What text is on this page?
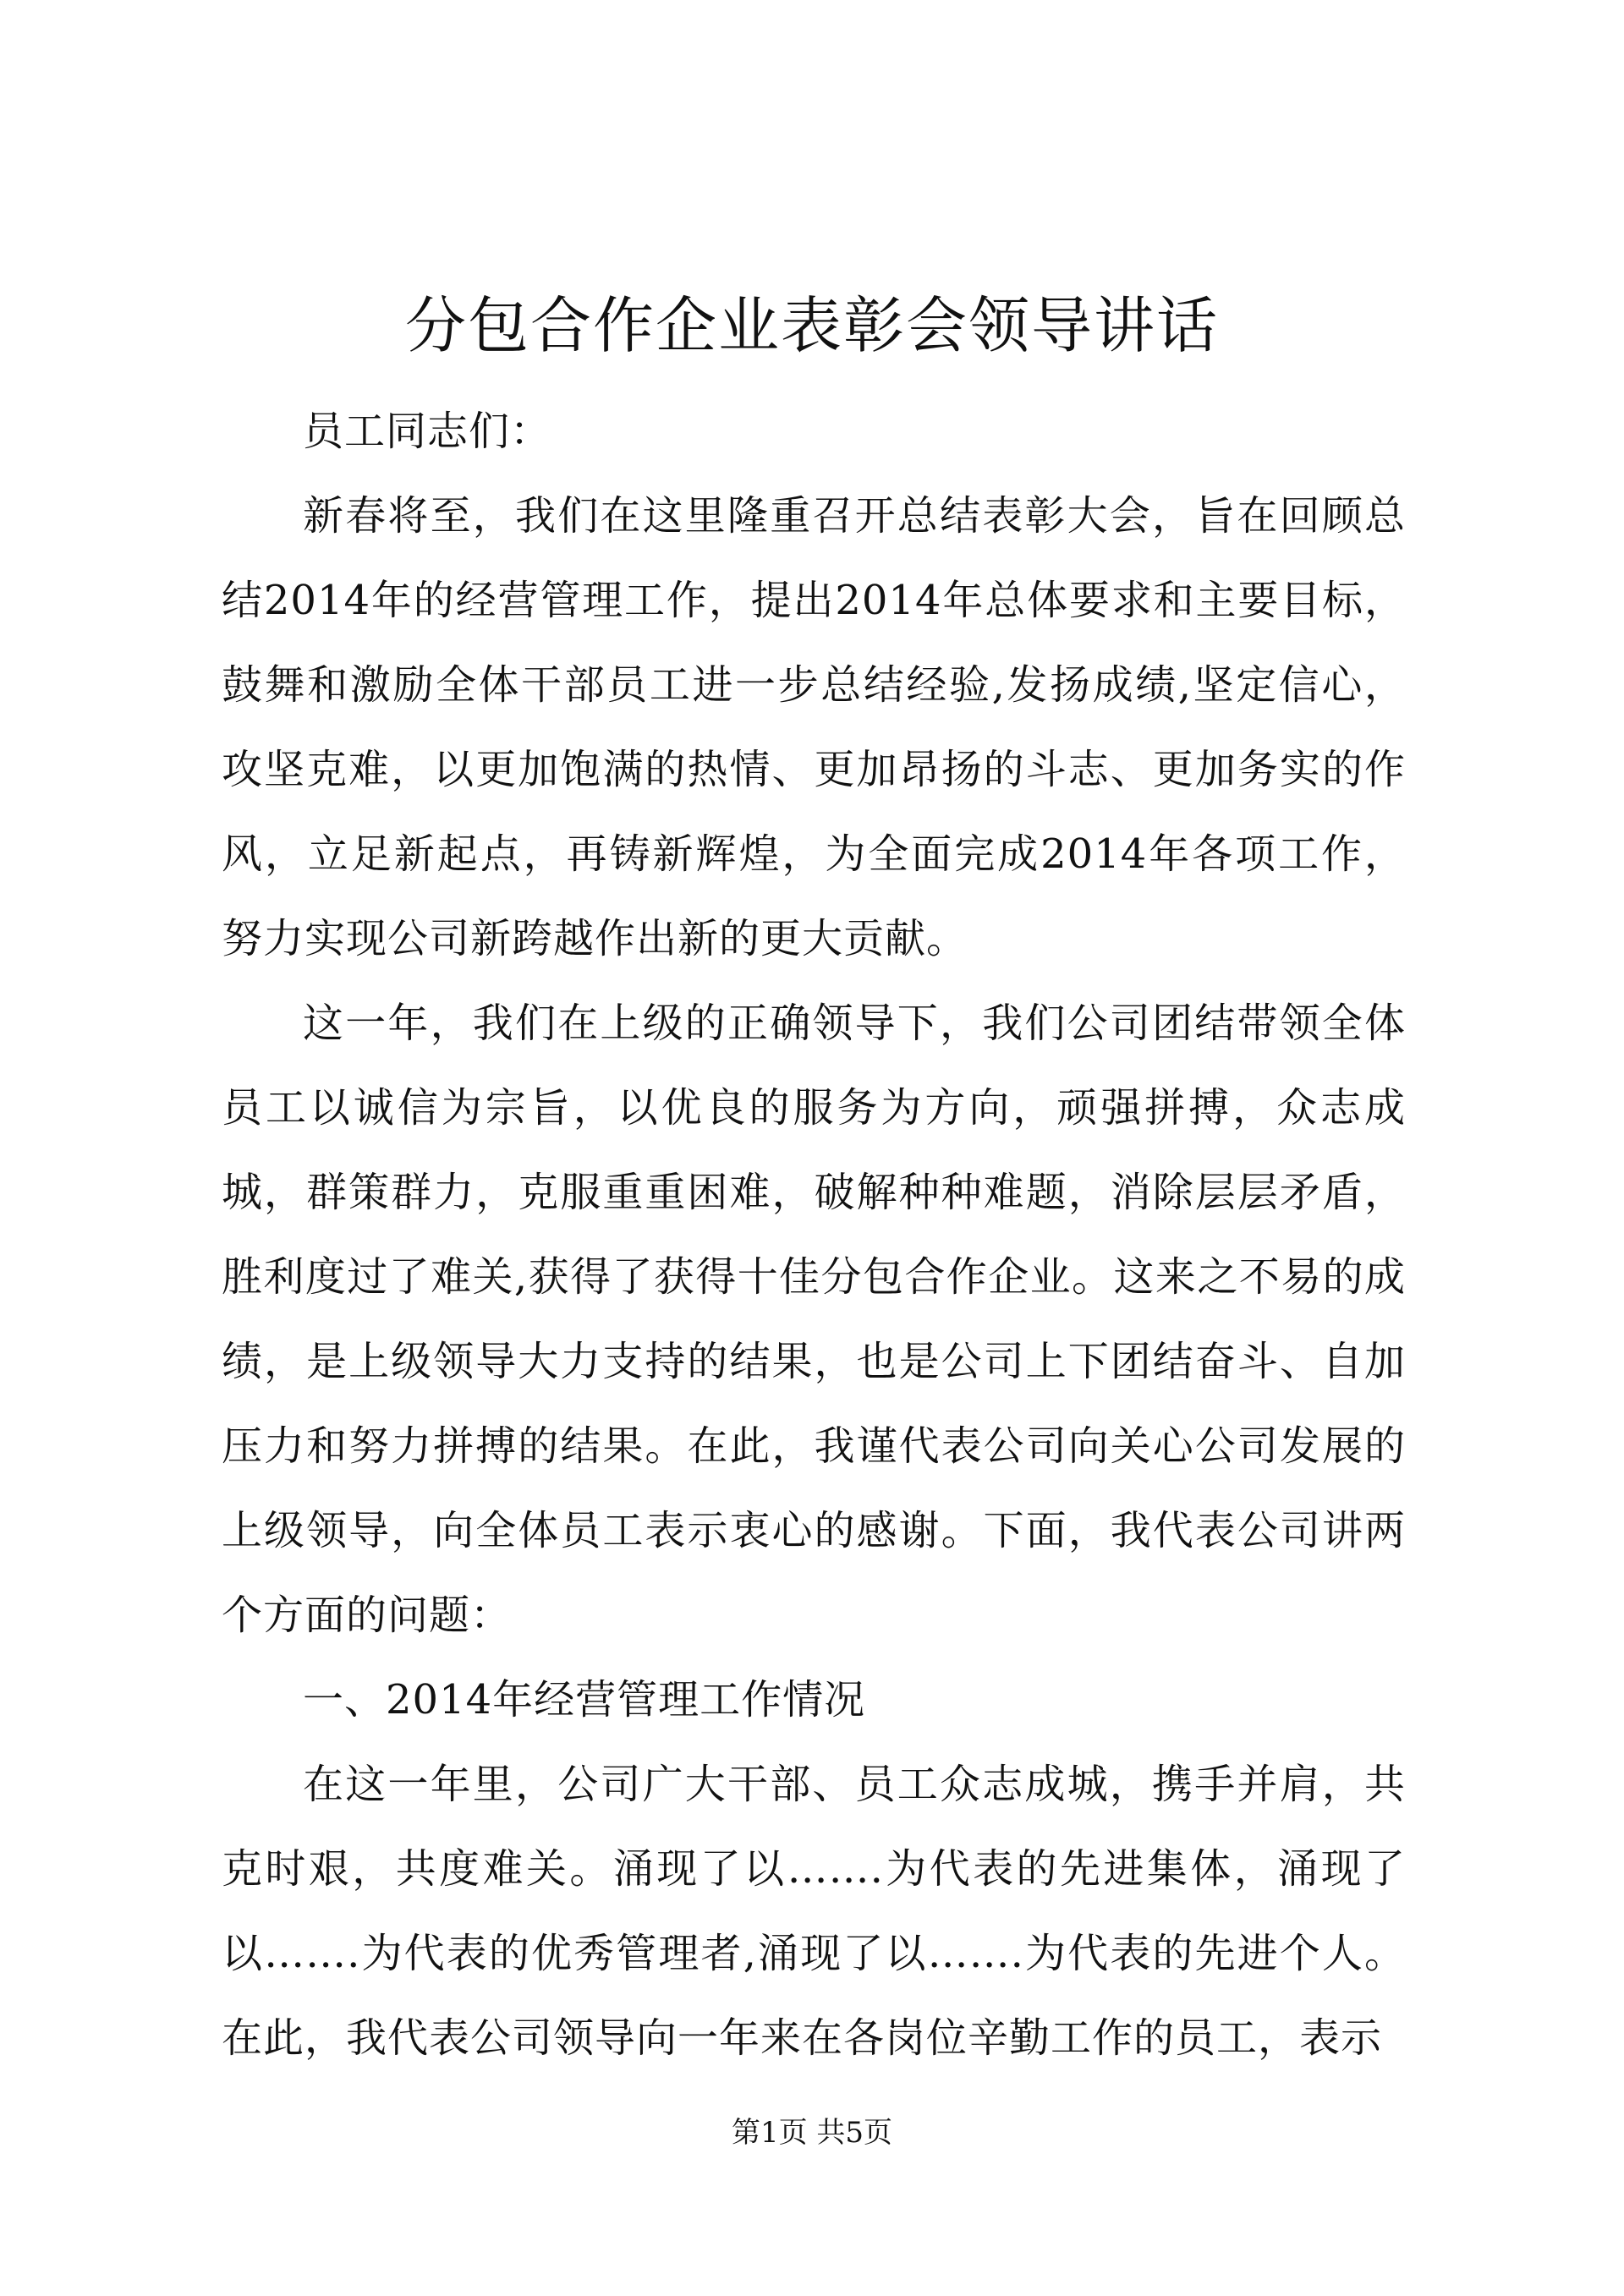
分包合作企业表彰会领导讲话

员工同志们：

新春将至，我们在这里隆重召开总结表彰大会，旨在回顾总结2014年的经营管理工作，提出2014年总体要求和主要目标，鼓舞和激励全体干部员工进一步总结经验,发扬成绩,坚定信心，攻坚克难，以更加饱满的热情、更加昂扬的斗志、更加务实的作风，立足新起点，再铸新辉煌，为全面完成2014年各项工作，努力实现公司新跨越作出新的更大贡献。

这一年，我们在上级的正确领导下，我们公司团结带领全体员工以诚信为宗旨，以优良的服务为方向，顽强拼搏，众志成城，群策群力，克服重重困难，破解种种难题，消除层层矛盾，胜利度过了难关,获得了获得十佳分包合作企业。这来之不易的成绩，是上级领导大力支持的结果，也是公司上下团结奋斗、自加压力和努力拼搏的结果。在此，我谨代表公司向关心公司发展的上级领导，向全体员工表示衷心的感谢。下面，我代表公司讲两个方面的问题：

一、2014年经营管理工作情况

在这一年里，公司广大干部、员工众志成城，携手并肩，共克时艰，共度难关。涌现了以…….为代表的先进集体，涌现了以…….为代表的优秀管理者,涌现了以…….为代表的先进个人。在此，我代表公司领导向一年来在各岗位辛勤工作的员工，表示

第1页 共5页
